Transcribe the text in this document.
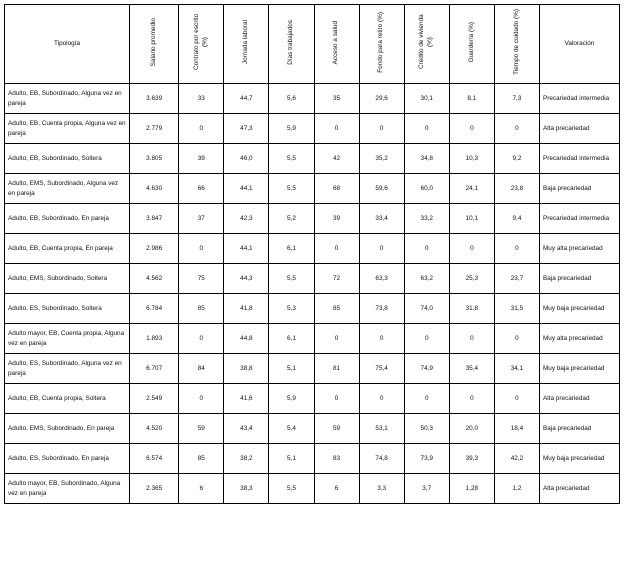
Tipología	Salario promedio	Contrato por escrito (%)	Jornada laboral	Días trabajados	Acceso a salud	Fondo para retiro (%)	Crédito de vivienda (%)	Guardería (%)	Tiempo de cuidado (%)	Valoración
Adulto, EB, Subordinado, Alguna vez en pareja	3.639	33	44,7	5,6	35	29,6	30,1	8,1	7,3	Precariedad intermedia
Adulto, EB, Cuenta propia, Alguna vez en pareja	2.779	0	47,3	5,9	0	0	0	0	0	Alta precariedad
Adulto, EB, Subordinado, Soltera	3.805	39	46,0	5,5	42	35,2	34,8	10,3	9,2	Precariedad intermedia
Adulto, EMS, Subordinado, Alguna vez en pareja	4.630	66	44,1	5,5	68	59,6	60,0	24,1	23,8	Baja precariedad
Adulto, EB, Subordinado, En pareja	3.847	37	42,3	5,2	39	33,4	33,2	10,1	9,4	Precariedad intermedia
Adulto, EB, Cuenta propia, En pareja	2.986	0	44,1	6,1	0	0	0	0	0	Muy alta precariedad
Adulto, EMS, Subordinado, Soltera	4.562	75	44,3	5,5	72	63,3	63,2	25,3	23,7	Baja precariedad
Adulto, ES, Subordinado, Soltera	6.784	85	41,8	5,3	85	73,8	74,0	31,8	31,5	Muy baja precariedad
Adulto mayor, EB, Cuenta propia, Alguna vez en pareja	1.893	0	44,8	6,1	0	0	0	0	0	Muy alta precariedad
Adulto, ES, Subordinado, Alguna vez en pareja	6.707	84	38,8	5,1	81	75,4	74,9	35,4	34,1	Muy baja precariedad
Adulto, EB, Cuenta propia, Soltera	2.549	0	41,6	5,9	0	0	0	0	0	Alta precariedad
Adulto, EMS, Subordinado, En pareja	4.520	59	43,4	5,4	59	53,1	50,3	20,0	18,4	Baja precariedad
Adulto, ES, Subordinado, En pareja	6.574	85	38,2	5,1	83	74,8	73,9	39,3	42,2	Muy baja precariedad
Adulto mayor, EB, Subordinado, Alguna vez en pareja	2.365	6	38,3	5,5	6	3,3	3,7	1,28	1,2	Alta precariedad
